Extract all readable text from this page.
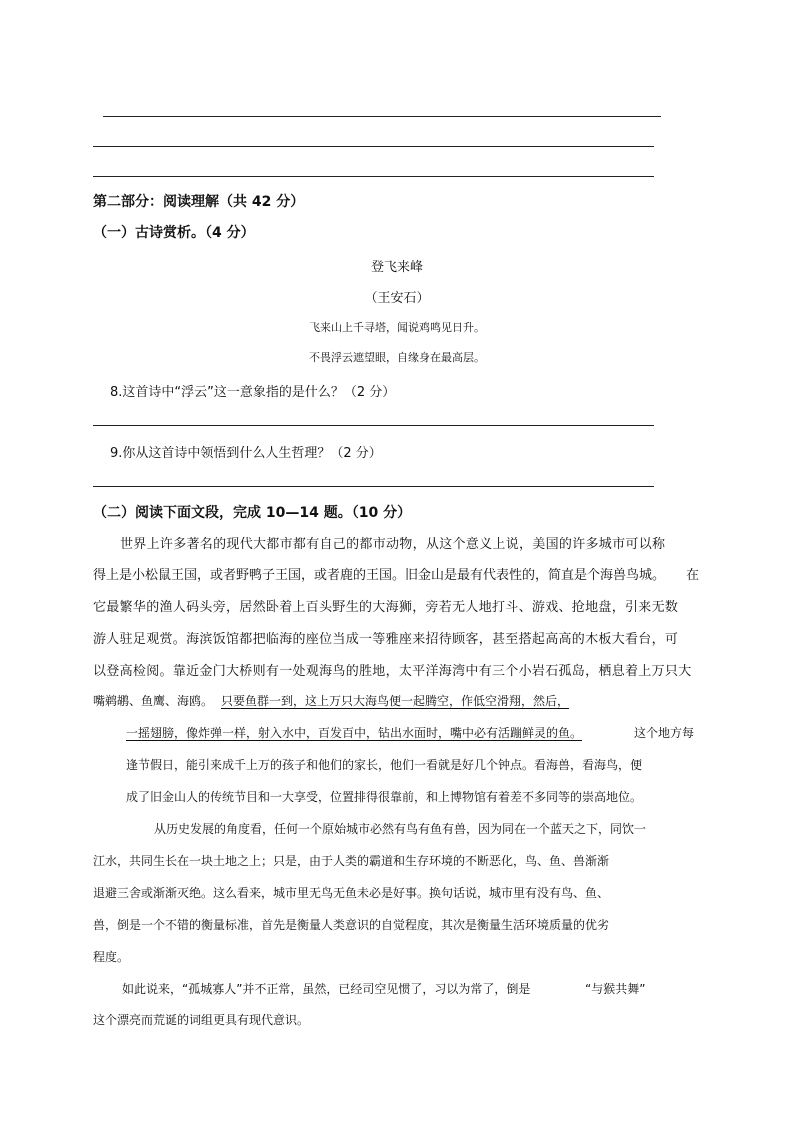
第二部分：阅读理解（共 42 分）
（一）古诗赏析。（4 分）
登飞来峰
（王安石）
飞来山上千寻塔，闻说鸡鸣见日升。
不畏浮云遮望眼，自缘身在最高层。
8.这首诗中“浮云”这一意象指的是什么？（2 分）
9.你从这首诗中领悟到什么人生哲理？（2 分）
（二）阅读下面文段，完成 10—14 题。（10 分）
世界上许多著名的现代大都市都有自己的都市动物，从这个意义上说，美国的许多城市可以称
得上是小松鼠王国，或者野鸭子王国，或者鹿的王国。旧金山是最有代表性的，简直是个海兽鸟城。 在
它最繁华的渔人码头旁，居然卧着上百头野生的大海狮，旁若无人地打斗、游戏、抢地盘，引来无数
游人驻足观赏。海滨饭馆都把临海的座位当成一等雅座来招待顾客，甚至搭起高高的木板大看台，可
以登高检阅。靠近金门大桥则有一处观海鸟的胜地，太平洋海湾中有三个小岩石孤岛，栖息着上万只大
嘴鹈鹕、鱼鹰、海鸥。 只要鱼群一到，这上万只大海鸟便一起腾空，作低空滑翔，然后，
一摇翅膀，像炸弹一样，射入水中，百发百中，钻出水面时，嘴中必有活蹦鲜灵的鱼。	这个地方每
逢节假日，能引来成千上万的孩子和他们的家长，他们一看就是好几个钟点。看海兽，看海鸟，便
成了旧金山人的传统节目和一大享受，位置排得很靠前，和上博物馆有着差不多同等的崇高地位。
从历史发展的角度看，任何一个原始城市必然有鸟有鱼有兽，因为同在一个蓝天之下，同饮一
江水，共同生长在一块土地之上；只是，由于人类的霸道和生存环境的不断恶化，鸟、鱼、兽渐渐
退避三舍或渐渐灭绝。这么看来，城市里无鸟无鱼未必是好事。换句话说，城市里有没有鸟、鱼、
兽，倒是一个不错的衡量标准，首先是衡量人类意识的自觉程度，其次是衡量生活环境质量的优劣
程度。
如此说来，“孤城寡人”并不正常，虽然，已经司空见惯了，习以为常了，倒是	“与猴共舞”
这个漂亮而荒诞的词组更具有现代意识。
